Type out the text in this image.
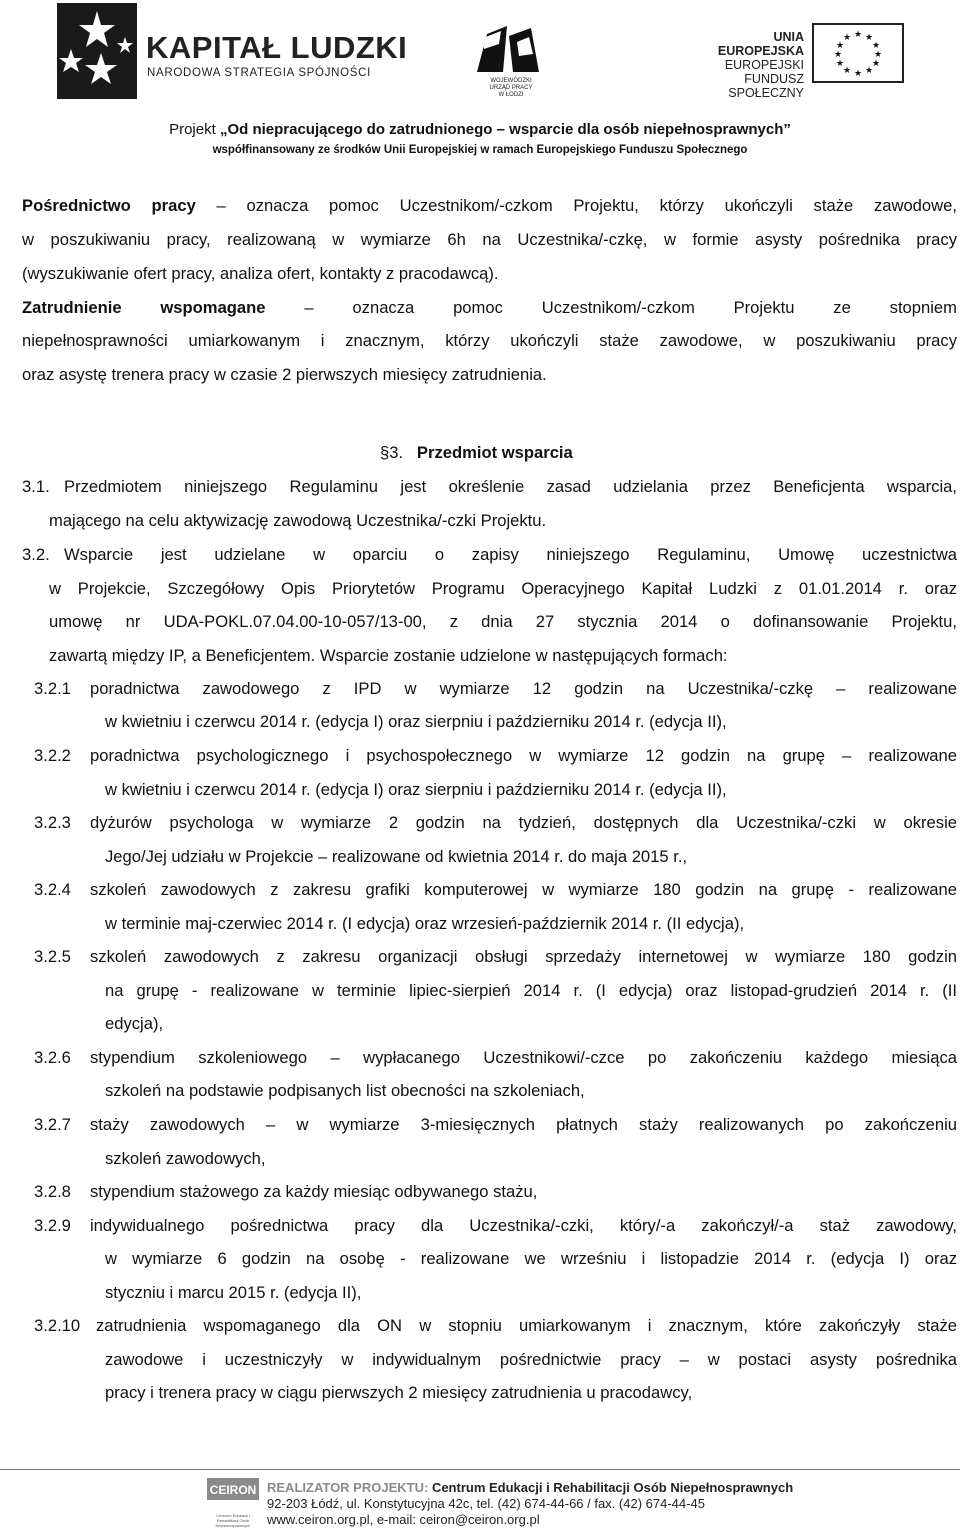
KAPITAŁ LUDZKI
NARODOWA STRATEGIA SPÓJNOŚCI
WOJEWÓDZKI
URZĄD PRACY
W ŁODZI
UNIA EUROPEJSKA
EUROPEJSKI
FUNDUSZ SPOŁECZNY
★ ★
★
★
★
★
★
★
★
★
★
★
Projekt „Od niepracującego do zatrudnionego – wsparcie dla osób niepełnosprawnych”
współfinansowany ze środków Unii Europejskiej w ramach Europejskiego Funduszu Społecznego
Pośrednictwo pracy – oznacza pomoc Uczestnikom/-czkom Projektu, którzy ukończyli staże zawodowe,
w poszukiwaniu pracy, realizowaną w wymiarze 6h na Uczestnika/-czkę, w formie asysty pośrednika pracy
(wyszukiwanie ofert pracy, analiza ofert, kontakty z pracodawcą).
Zatrudnienie wspomagane – oznacza pomoc Uczestnikom/-czkom Projektu ze stopniem
niepełnosprawności umiarkowanym i znacznym, którzy ukończyli staże zawodowe, w poszukiwaniu pracy
oraz asystę trenera pracy w czasie 2 pierwszych miesięcy zatrudnienia.
§3. Przedmiot wsparcia
3.1. Przedmiotem niniejszego Regulaminu jest określenie zasad udzielania przez Beneficjenta wsparcia,
mającego na celu aktywizację zawodową Uczestnika/-czki Projektu.
3.2. Wsparcie jest udzielane w oparciu o zapisy niniejszego Regulaminu, Umowę uczestnictwa
w Projekcie, Szczegółowy Opis Priorytetów Programu Operacyjnego Kapitał Ludzki z 01.01.2014 r. oraz
umowę nr UDA-POKL.07.04.00-10-057/13-00, z dnia 27 stycznia 2014 o dofinansowanie Projektu,
zawartą między IP, a Beneficjentem. Wsparcie zostanie udzielone w następujących formach:
3.2.1 poradnictwa zawodowego z IPD w wymiarze 12 godzin na Uczestnika/-czkę – realizowane
w kwietniu i czerwcu 2014 r. (edycja I) oraz sierpniu i październiku 2014 r. (edycja II),
3.2.2 poradnictwa psychologicznego i psychospołecznego w wymiarze 12 godzin na grupę – realizowane
w kwietniu i czerwcu 2014 r. (edycja I) oraz sierpniu i październiku 2014 r. (edycja II),
3.2.3 dyżurów psychologa w wymiarze 2 godzin na tydzień, dostępnych dla Uczestnika/-czki w okresie
Jego/Jej udziału w Projekcie – realizowane od kwietnia 2014 r. do maja 2015 r.,
3.2.4 szkoleń zawodowych z zakresu grafiki komputerowej w wymiarze 180 godzin na grupę - realizowane
w terminie maj-czerwiec 2014 r. (I edycja) oraz wrzesień-październik 2014 r. (II edycja),
3.2.5 szkoleń zawodowych z zakresu organizacji obsługi sprzedaży internetowej w wymiarze 180 godzin
na grupę - realizowane w terminie lipiec-sierpień 2014 r. (I edycja) oraz listopad-grudzień 2014 r. (II
edycja),
3.2.6 stypendium szkoleniowego – wypłacanego Uczestnikowi/-czce po zakończeniu każdego miesiąca
szkoleń na podstawie podpisanych list obecności na szkoleniach,
3.2.7 staży zawodowych – w wymiarze 3-miesięcznych płatnych staży realizowanych po zakończeniu
szkoleń zawodowych,
3.2.8 stypendium stażowego za każdy miesiąc odbywanego stażu,
3.2.9 indywidualnego pośrednictwa pracy dla Uczestnika/-czki, który/-a zakończył/-a staż zawodowy,
w wymiarze 6 godzin na osobę - realizowane we wrześniu i listopadzie 2014 r. (edycja I) oraz
styczniu i marcu 2015 r. (edycja II),
3.2.10 zatrudnienia wspomaganego dla ON w stopniu umiarkowanym i znacznym, które zakończyły staże
zawodowe i uczestniczyły w indywidualnym pośrednictwie pracy – w postaci asysty pośrednika
pracy i trenera pracy w ciągu pierwszych 2 miesięcy zatrudnienia u pracodawcy,
CEIRON
Centrum Edukacji i Rehabilitacji Osób Niepełnosprawnych
REALIZATOR PROJEKTU: Centrum Edukacji i Rehabilitacji Osób Niepełnosprawnych
92-203 Łódź, ul. Konstytucyjna 42c, tel. (42) 674-44-66 / fax. (42) 674-44-45
www.ceiron.org.pl, e-mail: ceiron@ceiron.org.pl
